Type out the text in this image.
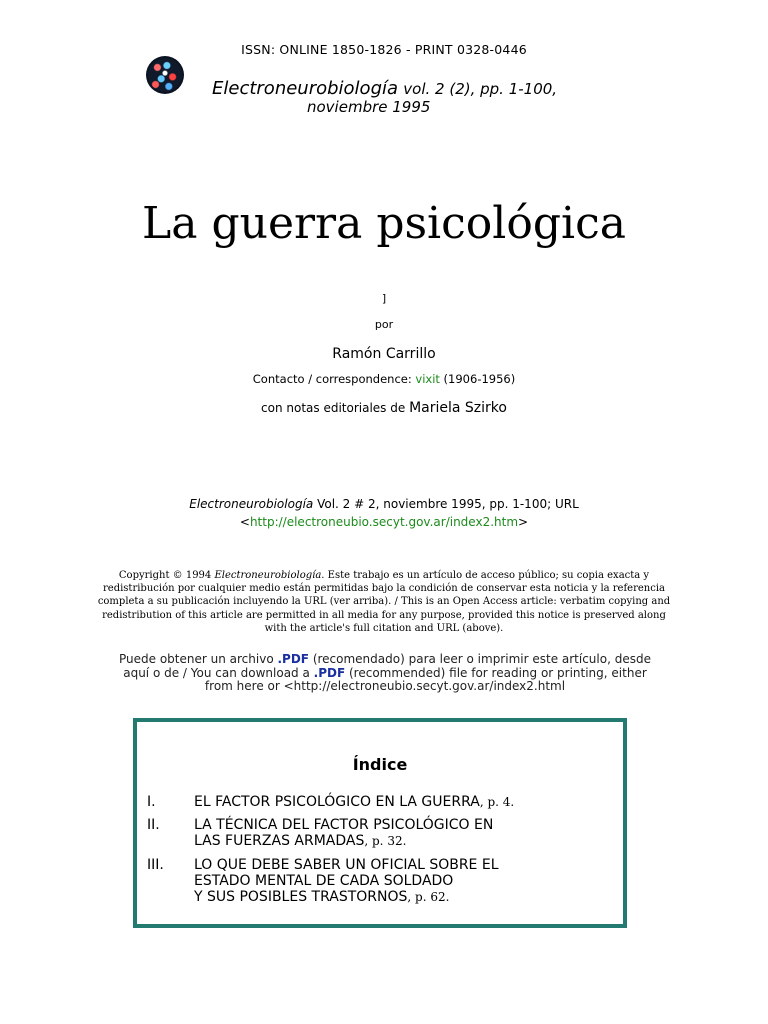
ISSN: ONLINE 1850-1826 - PRINT 0328-0446
Electroneurobiología vol. 2 (2), pp. 1-100,
noviembre 1995
La guerra psicológica
]
por
Ramón Carrillo
Contacto / correspondence: vixit (1906-1956)
con notas editoriales de Mariela Szirko
Electroneurobiología Vol. 2 # 2, noviembre 1995, pp. 1-100; URL
<http://electroneubio.secyt.gov.ar/index2.htm>
Copyright © 1994 Electroneurobiología. Este trabajo es un artículo de acceso público; su copia exacta y redistribución por cualquier medio están permitidas bajo la condición de conservar esta noticia y la referencia completa a su publicación incluyendo la URL (ver arriba). / This is an Open Access article: verbatim copying and redistribution of this article are permitted in all media for any purpose, provided this notice is preserved along with the article's full citation and URL (above).
Puede obtener un archivo .PDF (recomendado) para leer o imprimir este artículo, desde aquí o de / You can download a .PDF (recommended) file for reading or printing, either from here or <http://electroneubio.secyt.gov.ar/index2.html
Índice
I.	EL FACTOR PSICOLÓGICO EN LA GUERRA, p. 4.
II.	LA TÉCNICA DEL FACTOR PSICOLÓGICO EN
LAS FUERZAS ARMADAS, p. 32.
III.	LO QUE DEBE SABER UN OFICIAL SOBRE EL
ESTADO MENTAL DE CADA SOLDADO
Y SUS POSIBLES TRASTORNOS, p. 62.
